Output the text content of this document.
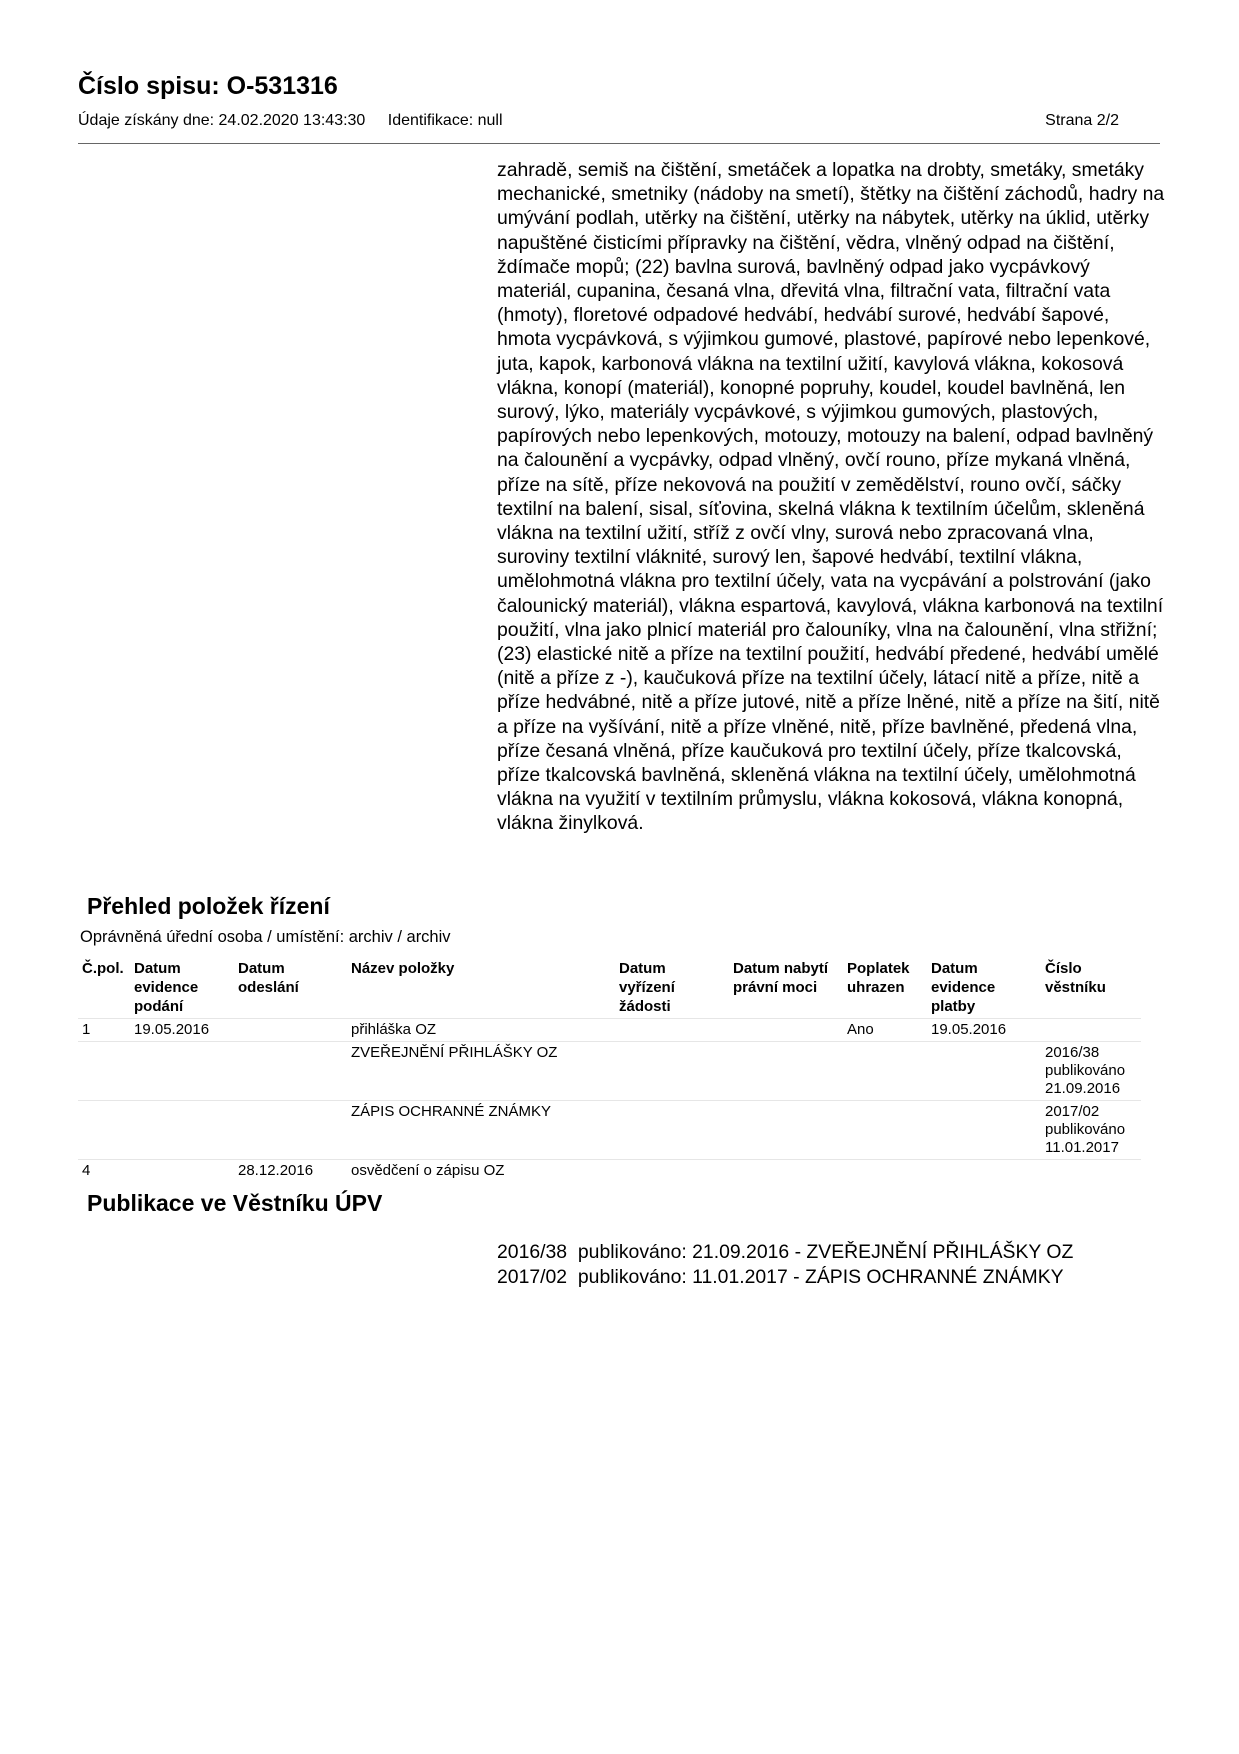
Číslo spisu: O-531316
Údaje získány dne: 24.02.2020 13:43:30 Identifikace: null	Strana 2/2
zahradě, semiš na čištění, smetáček a lopatka na drobty, smetáky, smetáky mechanické, smetniky (nádoby na smetí), štětky na čištění záchodů, hadry na umývání podlah, utěrky na čištění, utěrky na nábytek, utěrky na úklid, utěrky napuštěné čisticími přípravky na čištění, vědra, vlněný odpad na čištění, ždímače mopů; (22) bavlna surová, bavlněný odpad jako vycpávkový materiál, cupanina, česaná vlna, dřevitá vlna, filtrační vata, filtrační vata (hmoty), floretové odpadové hedvábí, hedvábí surové, hedvábí šapové, hmota vycpávková, s výjimkou gumové, plastové, papírové nebo lepenkové, juta, kapok, karbonová vlákna na textilní užití, kavylová vlákna, kokosová vlákna, konopí (materiál), konopné popruhy, koudel, koudel bavlněná, len surový, lýko, materiály vycpávkové, s výjimkou gumových, plastových, papírových nebo lepenkových, motouzy, motouzy na balení, odpad bavlněný na čalounění a vycpávky, odpad vlněný, ovčí rouno, příze mykaná vlněná, příze na sítě, příze nekovová na použití v zemědělství, rouno ovčí, sáčky textilní na balení, sisal, síťovina, skelná vlákna k textilním účelům, skleněná vlákna na textilní užití, stříž z ovčí vlny, surová nebo zpracovaná vlna, suroviny textilní vláknité, surový len, šapové hedvábí, textilní vlákna, umělohmotná vlákna pro textilní účely, vata na vycpávání a polstrování (jako čalounický materiál), vlákna espartová, kavylová, vlákna karbonová na textilní použití, vlna jako plnicí materiál pro čalouníky, vlna na čalounění, vlna střižní; (23) elastické nitě a příze na textilní použití, hedvábí předené, hedvábí umělé (nitě a příze z -), kaučuková příze na textilní účely, látací nitě a příze, nitě a příze hedvábné, nitě a příze jutové, nitě a příze lněné, nitě a příze na šití, nitě a příze na vyšívání, nitě a příze vlněné, nitě, příze bavlněné, předená vlna, příze česaná vlněná, příze kaučuková pro textilní účely, příze tkalcovská, příze tkalcovská bavlněná, skleněná vlákna na textilní účely, umělohmotná vlákna na využití v textilním průmyslu, vlákna kokosová, vlákna konopná, vlákna žinylková.
Přehled položek řízení
Oprávněná úřední osoba / umístění: archiv / archiv
Č.pol.	Datum evidence podání	Datum odeslání	Název položky	Datum vyřízení žádosti	Datum nabytí právní moci	Poplatek uhrazen	Datum evidence platby	Číslo věstníku
1	19.05.2016		přihláška OZ			Ano	19.05.2016	
			ZVEŘEJNĚNÍ PŘIHLÁŠKY OZ					2016/38 publikováno 21.09.2016
			ZÁPIS OCHRANNÉ ZNÁMKY					2017/02 publikováno 11.01.2017
4		28.12.2016	osvědčení o zápisu OZ					
Publikace ve Věstníku ÚPV
2016/38 publikováno: 21.09.2016 - ZVEŘEJNĚNÍ PŘIHLÁŠKY OZ
2017/02 publikováno: 11.01.2017 - ZÁPIS OCHRANNÉ ZNÁMKY
